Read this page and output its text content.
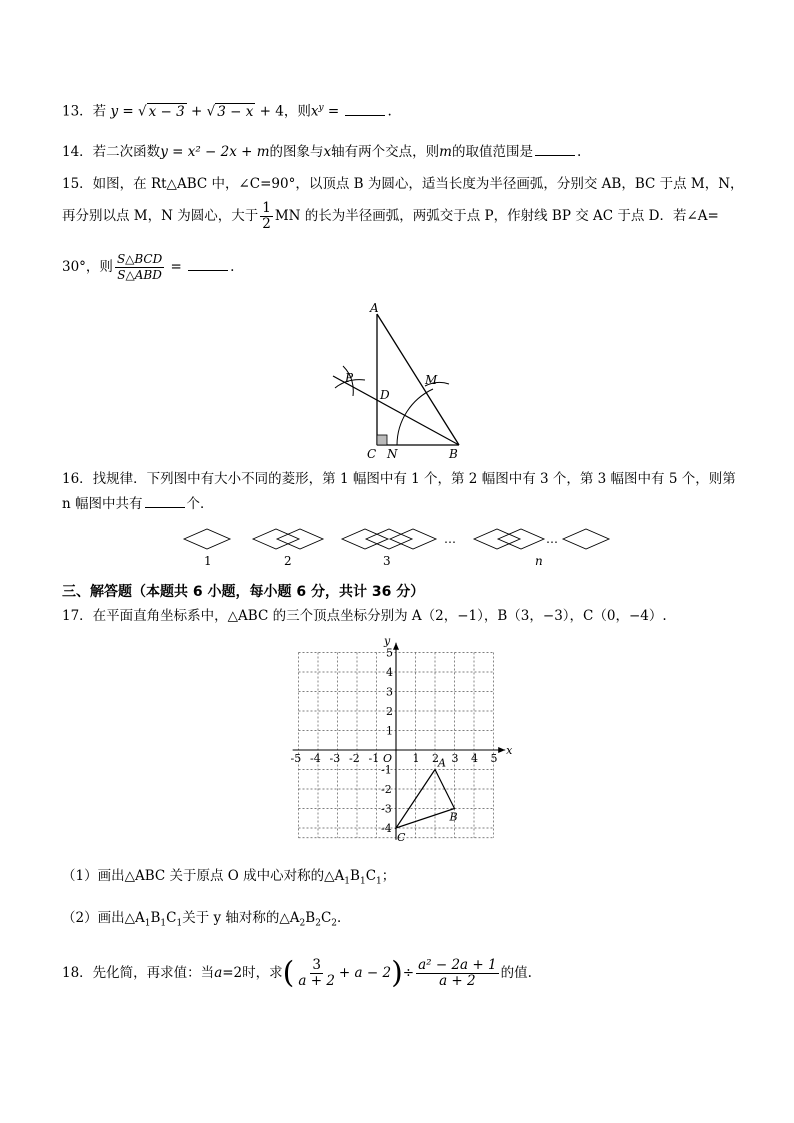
13．若 y = √ x − 3 + √ 3 − x + 4，则$x^y$ =	.
14．若二次函数y = x² − 2x + m的图象与x轴有两个交点，则m的取值范围是	.
15．如图，在 Rt△ABC 中，∠C=90°，以顶点 B 为圆心，适当长度为半径画弧，分别交 AB，BC 于点 M，N，
再分别以点 M，N 为圆心，大于 $\frac{1}{2}$ MN 的长为半径画弧，两弧交于点 P，作射线 BP 交 AC 于点 D．若∠A=
30°，则 $\frac{\text{S△BCD}}{\text{S△ABD}}$ =	.
A
B
C
D
M
N
P
16．找规律．下列图中有大小不同的菱形，第 1 幅图中有 1 个，第 2 幅图中有 3 个，第 3 幅图中有 5 个，则第
n 幅图中共有	个．
…	…
1	2	3	n
三、解答题（本题共 6 小题，每小题 6 分，共计 36 分）
17．在平面直角坐标系中，△ABC 的三个顶点坐标分别为 A（2，−1），B（3，−3），C（0，−4）.
x
y
O
-5 -4 -3 -2 -1	1 2 3 4 5
5
4
3
2
1
-1
-2
-3
-4
A
B
C
（1）画出△ABC 关于原点 O 成中心对称的$\triangle A_1B_1C_1$；
（2）画出$\triangle A_1B_1C_1$关于 y 轴对称的$\triangle A_2B_2C_2$．
18．先化简，再求值：当a=2时，求( $\frac{3}{a + 2} + a - 2)\div \frac{\text{a² − 2a + 1}}{a + 2}$ 的值.
